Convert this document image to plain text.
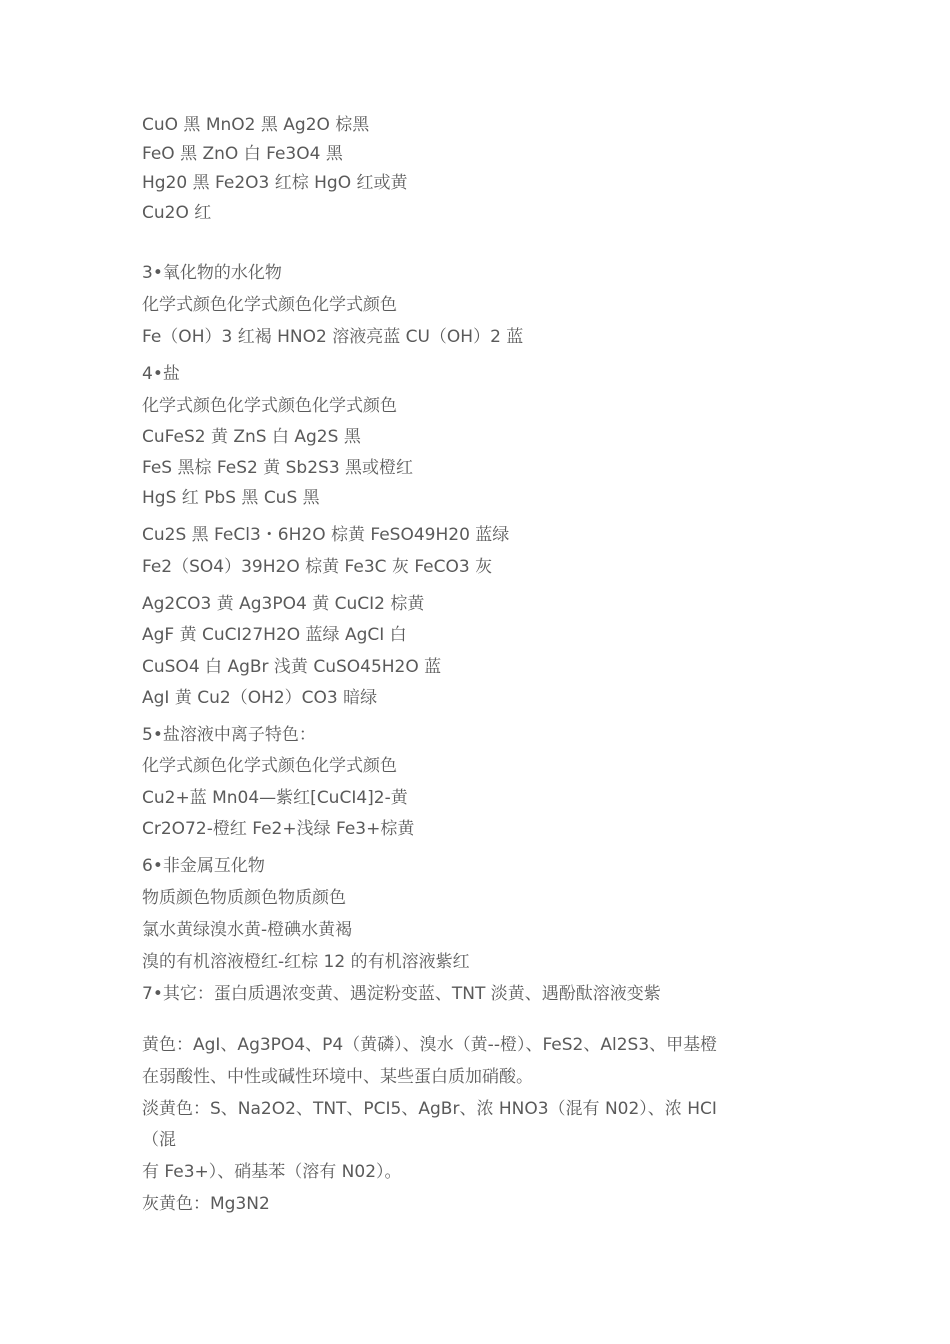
CuO 黑 MnO2 黑 Ag2O 棕黑
FeO 黑 ZnO 白 Fe3O4 黑
Hg20 黑 Fe2O3 红棕 HgO 红或黄
Cu2O 红
3•氧化物的水化物
化学式颜色化学式颜色化学式颜色
Fe（OH）3 红褐 HNO2 溶液亮蓝 CU（OH）2 蓝
4•盐
化学式颜色化学式颜色化学式颜色
CuFeS2 黄 ZnS 白 Ag2S 黑
FeS 黑棕 FeS2 黄 Sb2S3 黑或橙红
HgS 红 PbS 黑 CuS 黑
Cu2S 黑 FeCl3・6H2O 棕黄 FeSO49H20 蓝绿
Fe2（SO4）39H2O 棕黄 Fe3C 灰 FeCO3 灰
Ag2CO3 黄 Ag3PO4 黄 CuCI2 棕黄
AgF 黄 CuCI27H2O 蓝绿 AgCI 白
CuSO4 白 AgBr 浅黄 CuSO45H2O 蓝
AgI 黄 Cu2（OH2）CO3 暗绿
5•盐溶液中离子特色：
化学式颜色化学式颜色化学式颜色
Cu2+蓝 Mn04—紫红[CuCI4]2-黄
Cr2O72-橙红 Fe2+浅绿 Fe3+棕黄
6•非金属互化物
物质颜色物质颜色物质颜色
氯水黄绿溴水黄-橙碘水黄褐
溴的有机溶液橙红-红棕 12 的有机溶液紫红
7•其它：蛋白质遇浓变黄、遇淀粉变蓝、TNT 淡黄、遇酚酞溶液变紫
黄色：AgI、Ag3PO4、P4（黄磷）、溴水（黄--橙）、FeS2、Al2S3、甲基橙
在弱酸性、中性或碱性环境中、某些蛋白质加硝酸。
淡黄色：S、Na2O2、TNT、PCI5、AgBr、浓 HNO3（混有 N02）、浓 HCI
（混
有 Fe3+）、硝基苯（溶有 N02）。
灰黄色：Mg3N2
